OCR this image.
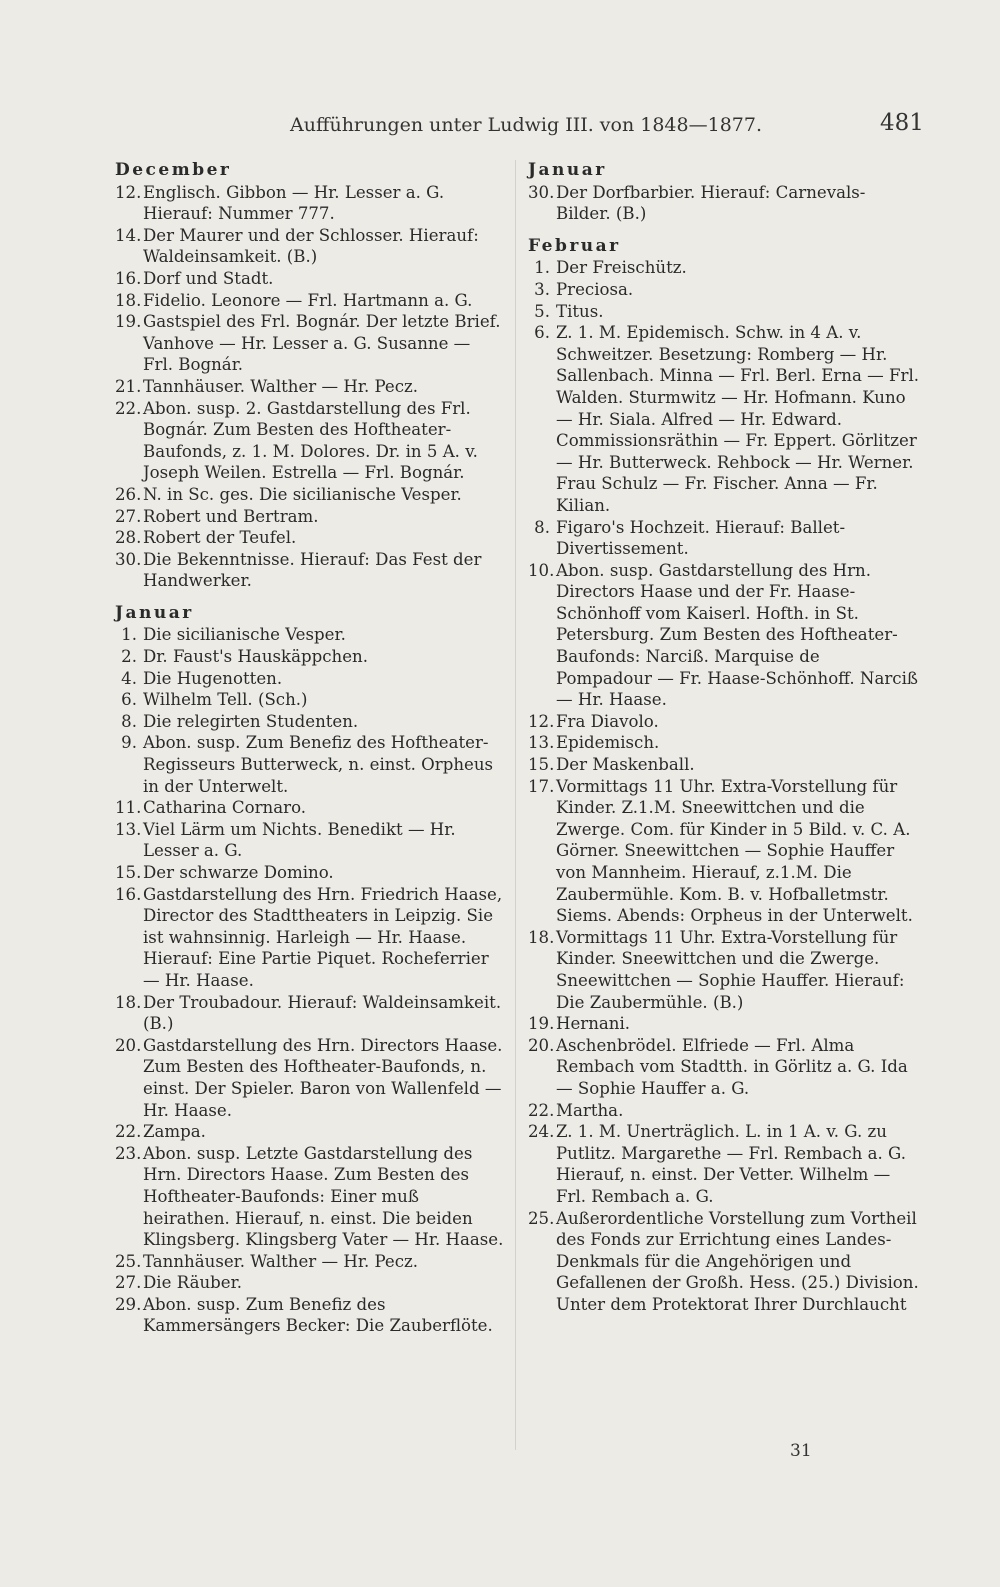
Aufführungen unter Ludwig III. von 1848—1877.	481
December
12. Englisch. Gibbon — Hr. Lesser a. G. Hierauf: Nummer 777.
14. Der Maurer und der Schlosser. Hierauf: Waldeinsamkeit. (B.)
16. Dorf und Stadt.
18. Fidelio. Leonore — Frl. Hartmann a. G.
19. Gastspiel des Frl. Bognár. Der letzte Brief. Vanhove — Hr. Lesser a. G. Susanne — Frl. Bognár.
21. Tannhäuser. Walther — Hr. Pecz.
22. Abon. susp. 2. Gastdarstellung des Frl. Bognár. Zum Besten des Hoftheater-Baufonds, z. 1. M. Dolores. Dr. in 5 A. v. Joseph Weilen. Estrella — Frl. Bognár.
26. N. in Sc. ges. Die sicilianische Vesper.
27. Robert und Bertram.
28. Robert der Teufel.
30. Die Bekenntnisse. Hierauf: Das Fest der Handwerker.
Januar
1. Die sicilianische Vesper.
2. Dr. Faust's Hauskäppchen.
4. Die Hugenotten.
6. Wilhelm Tell. (Sch.)
8. Die relegirten Studenten.
9. Abon. susp. Zum Benefiz des Hoftheater-Regisseurs Butterweck, n. einst. Orpheus in der Unterwelt.
11. Catharina Cornaro.
13. Viel Lärm um Nichts. Benedikt — Hr. Lesser a. G.
15. Der schwarze Domino.
16. Gastdarstellung des Hrn. Friedrich Haase, Director des Stadttheaters in Leipzig. Sie ist wahnsinnig. Harleigh — Hr. Haase. Hierauf: Eine Partie Piquet. Rocheferrier — Hr. Haase.
18. Der Troubadour. Hierauf: Waldeinsamkeit. (B.)
20. Gastdarstellung des Hrn. Directors Haase. Zum Besten des Hoftheater-Baufonds, n. einst. Der Spieler. Baron von Wallenfeld — Hr. Haase.
22. Zampa.
23. Abon. susp. Letzte Gastdarstellung des Hrn. Directors Haase. Zum Besten des Hoftheater-Baufonds: Einer muß heirathen. Hierauf, n. einst. Die beiden Klingsberg. Klingsberg Vater — Hr. Haase.
25. Tannhäuser. Walther — Hr. Pecz.
27. Die Räuber.
29. Abon. susp. Zum Benefiz des Kammersängers Becker: Die Zauberflöte.
Januar
30. Der Dorfbarbier. Hierauf: Carnevals-Bilder. (B.)
Februar
1. Der Freischütz.
3. Preciosa.
5. Titus.
6. Z. 1. M. Epidemisch. Schw. in 4 A. v. Schweitzer. Besetzung: Romberg — Hr. Sallenbach. Minna — Frl. Berl. Erna — Frl. Walden. Sturmwitz — Hr. Hofmann. Kuno — Hr. Siala. Alfred — Hr. Edward. Commissionsräthin — Fr. Eppert. Görlitzer — Hr. Butterweck. Rehbock — Hr. Werner. Frau Schulz — Fr. Fischer. Anna — Fr. Kilian.
8. Figaro's Hochzeit. Hierauf: Ballet-Divertissement.
10. Abon. susp. Gastdarstellung des Hrn. Directors Haase und der Fr. Haase-Schönhoff vom Kaiserl. Hofth. in St. Petersburg. Zum Besten des Hoftheater-Baufonds: Narciß. Marquise de Pompadour — Fr. Haase-Schönhoff. Narciß — Hr. Haase.
12. Fra Diavolo.
13. Epidemisch.
15. Der Maskenball.
17. Vormittags 11 Uhr. Extra-Vorstellung für Kinder. Z.1.M. Sneewittchen und die Zwerge. Com. für Kinder in 5 Bild. v. C. A. Görner. Sneewittchen — Sophie Hauffer von Mannheim. Hierauf, z.1.M. Die Zaubermühle. Kom. B. v. Hofballetmstr. Siems. Abends: Orpheus in der Unterwelt.
18. Vormittags 11 Uhr. Extra-Vorstellung für Kinder. Sneewittchen und die Zwerge. Sneewittchen — Sophie Hauffer. Hierauf: Die Zaubermühle. (B.)
19. Hernani.
20. Aschenbrödel. Elfriede — Frl. Alma Rembach vom Stadtth. in Görlitz a. G. Ida — Sophie Hauffer a. G.
22. Martha.
24. Z. 1. M. Unerträglich. L. in 1 A. v. G. zu Putlitz. Margarethe — Frl. Rembach a. G. Hierauf, n. einst. Der Vetter. Wilhelm — Frl. Rembach a. G.
25. Außerordentliche Vorstellung zum Vortheil des Fonds zur Errichtung eines Landes-Denkmals für die Angehörigen und Gefallenen der Großh. Hess. (25.) Division. Unter dem Protektorat Ihrer Durchlaucht
31
